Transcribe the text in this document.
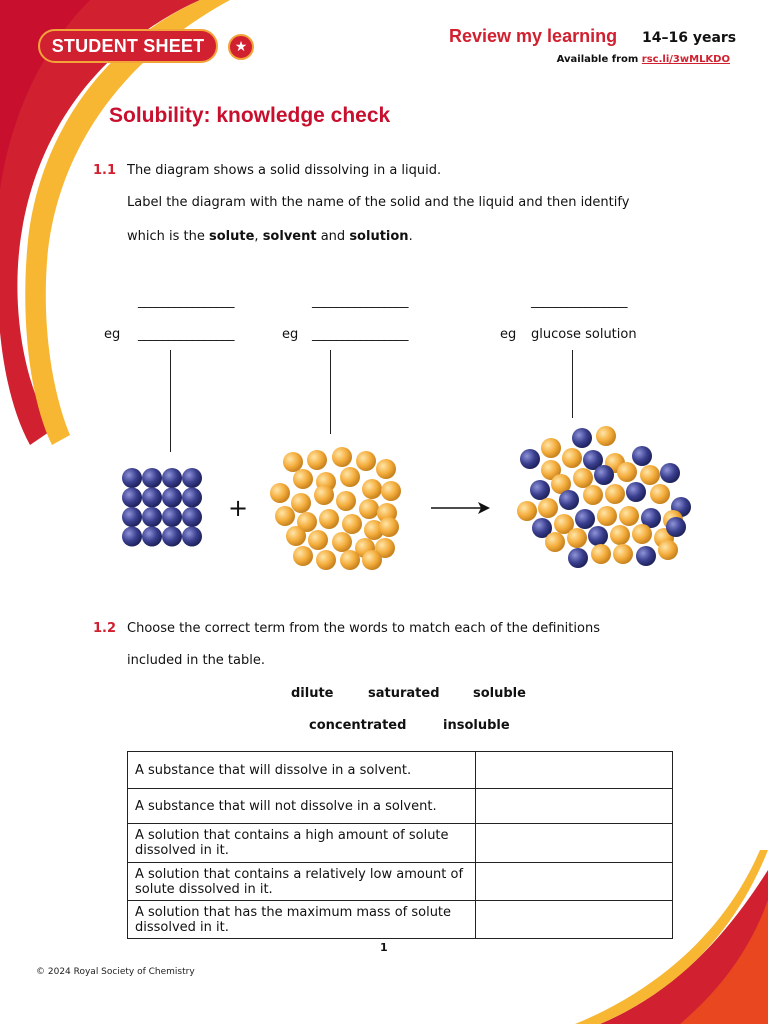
STUDENT SHEET	★
Review my learning 14–16 years
Available from rsc.li/3wMLKDO
Solubility: knowledge check
1.1 The diagram shows a solid dissolving in a liquid.
Label the diagram with the name of the solid and the liquid and then identify
which is the solute, solvent and solution.
________________	________________	________________
eg ________________	eg ________________	eg glucose solution
+
1.2 Choose the correct term from the words to match each of the definitions
included in the table.
dilute	saturated	soluble
concentrated	insoluble
A substance that will dissolve in a solvent.	
A substance that will not dissolve in a solvent.	
A solution that contains a high amount of solute dissolved in it.	
A solution that contains a relatively low amount of solute dissolved in it.	
A solution that has the maximum mass of solute dissolved in it.	
1
© 2024 Royal Society of Chemistry
